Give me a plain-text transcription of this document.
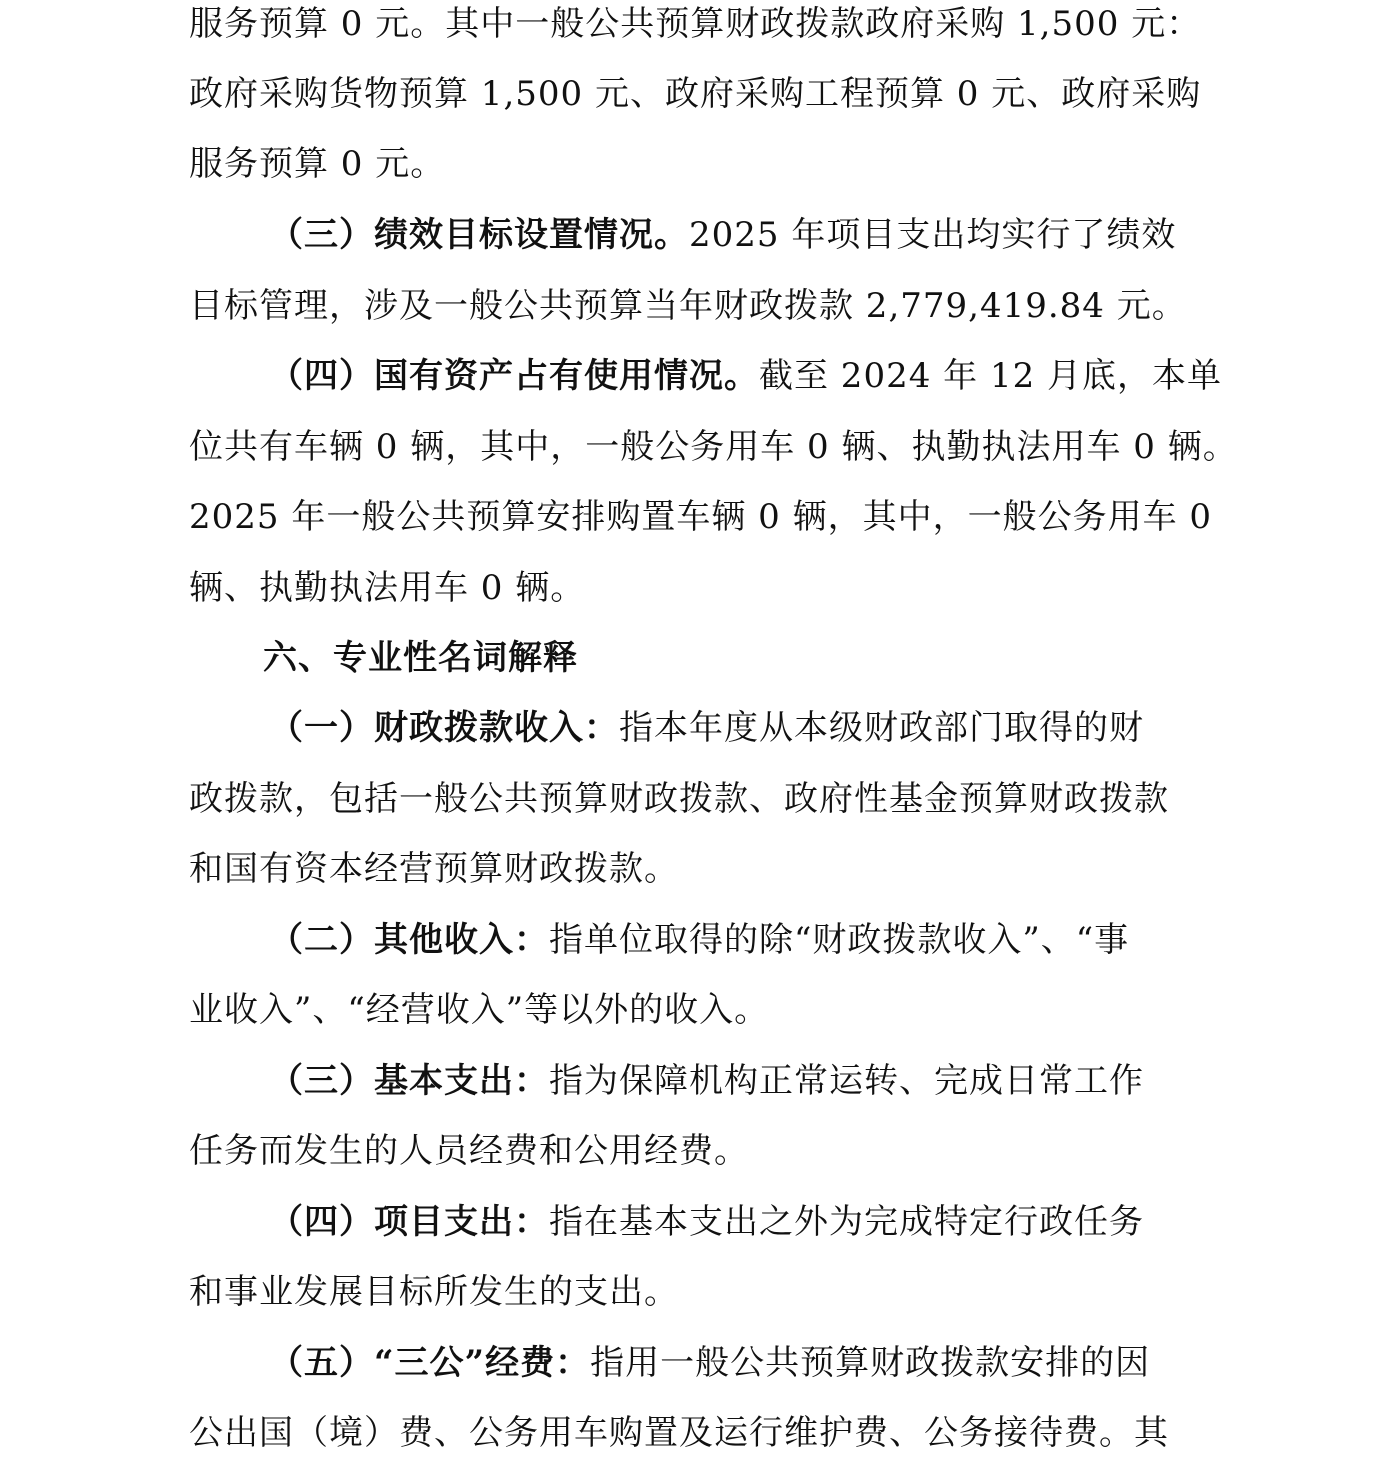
服务预算 0 元。其中一般公共预算财政拨款政府采购 1,500 元：
政府采购货物预算 1,500 元、政府采购工程预算 0 元、政府采购
服务预算 0 元。
（三）绩效目标设置情况。2025 年项目支出均实行了绩效
目标管理，涉及一般公共预算当年财政拨款 2,779,419.84 元。
（四）国有资产占有使用情况。截至 2024 年 12 月底，本单
位共有车辆 0 辆，其中，一般公务用车 0 辆、执勤执法用车 0 辆。
2025 年一般公共预算安排购置车辆 0 辆，其中，一般公务用车 0
辆、执勤执法用车 0 辆。
六、专业性名词解释
（一）财政拨款收入：指本年度从本级财政部门取得的财
政拨款，包括一般公共预算财政拨款、政府性基金预算财政拨款
和国有资本经营预算财政拨款。
（二）其他收入：指单位取得的除“财政拨款收入”、“事
业收入”、“经营收入”等以外的收入。
（三）基本支出：指为保障机构正常运转、完成日常工作
任务而发生的人员经费和公用经费。
（四）项目支出：指在基本支出之外为完成特定行政任务
和事业发展目标所发生的支出。
（五）“三公”经费：指用一般公共预算财政拨款安排的因
公出国（境）费、公务用车购置及运行维护费、公务接待费。其
